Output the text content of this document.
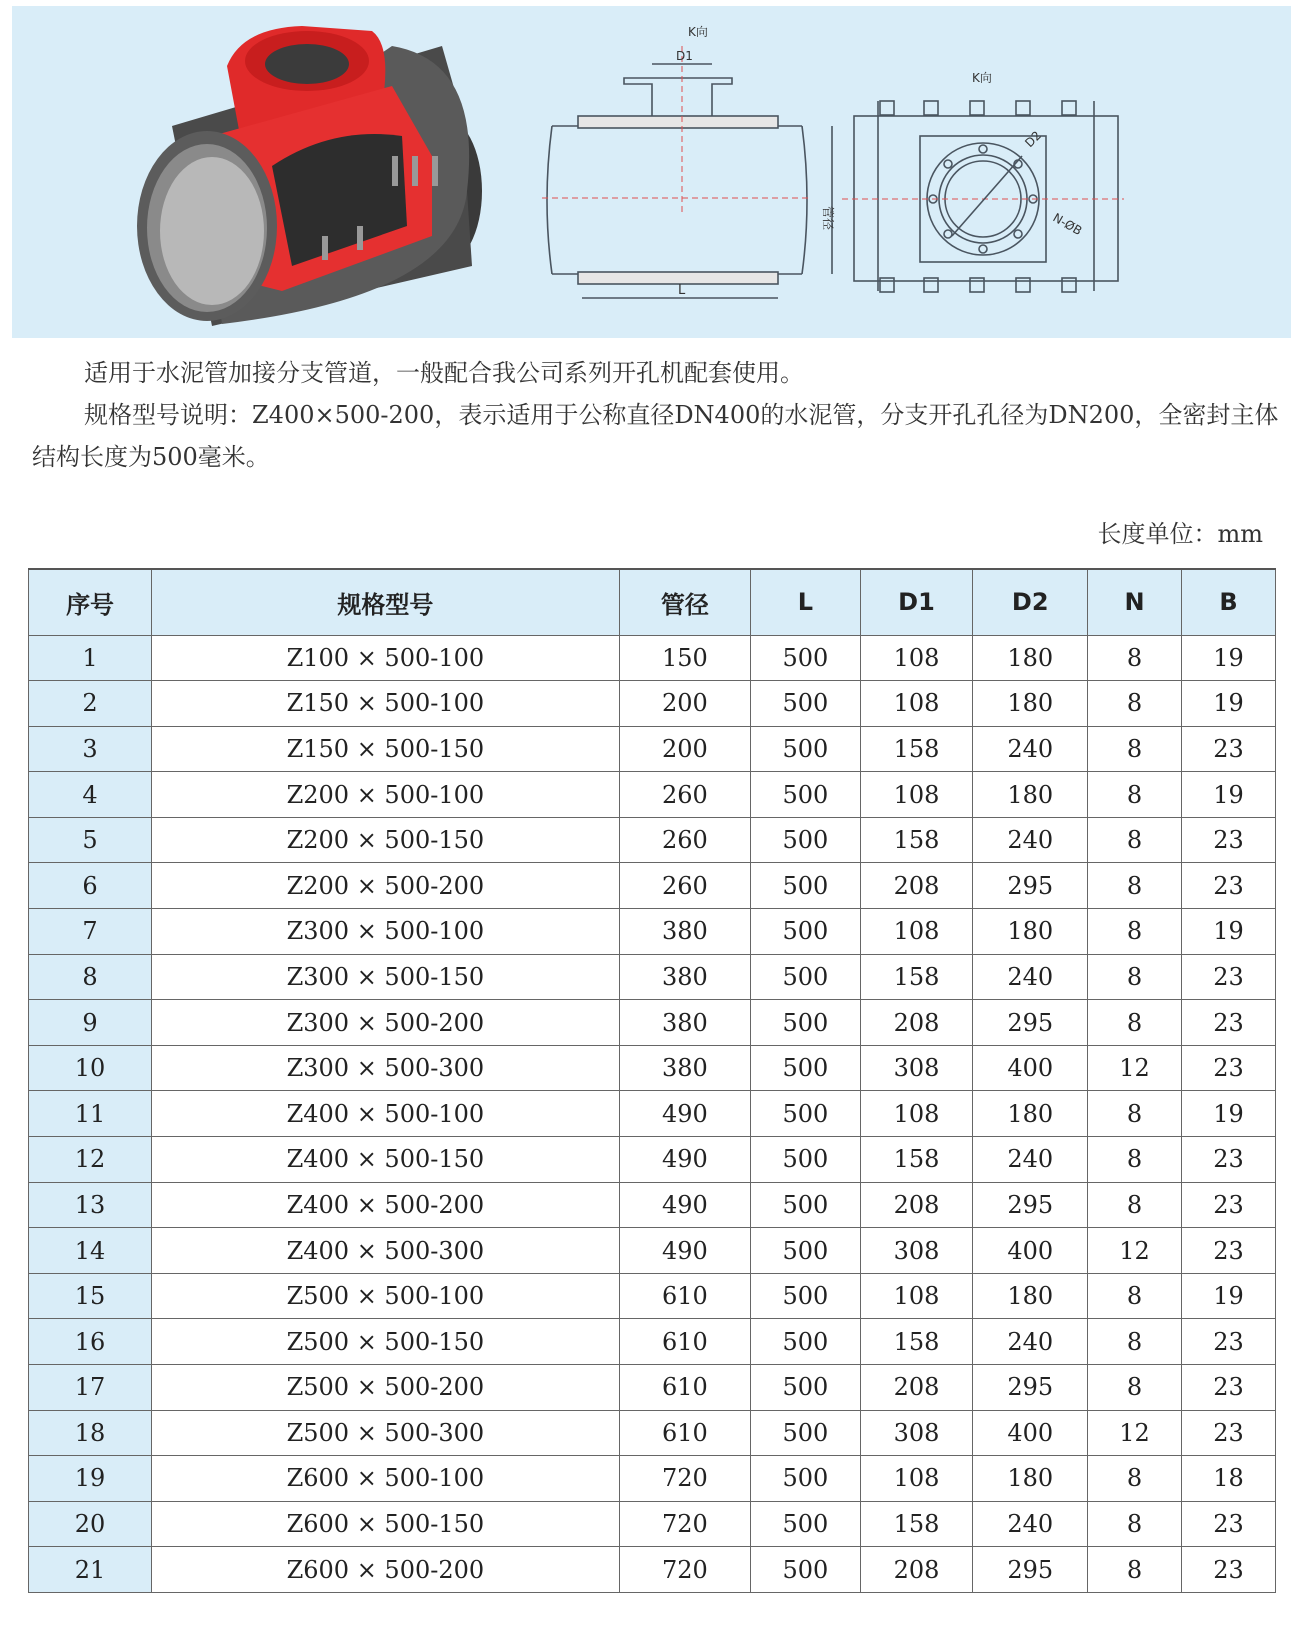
K向
D1
L
管径
K向
D2
N-ØB

适用于水泥管加接分支管道，一般配合我公司系列开孔机配套使用。

规格型号说明：Z400×500-200，表示适用于公称直径DN400的水泥管，分支开孔孔径为DN200，全密封主体结构长度为500毫米。

长度单位：mm
序号	规格型号	管径	L	D1	D2	N	B
1	Z100 × 500-100	150	500	108	180	8	19
2	Z150 × 500-100	200	500	108	180	8	19
3	Z150 × 500-150	200	500	158	240	8	23
4	Z200 × 500-100	260	500	108	180	8	19
5	Z200 × 500-150	260	500	158	240	8	23
6	Z200 × 500-200	260	500	208	295	8	23
7	Z300 × 500-100	380	500	108	180	8	19
8	Z300 × 500-150	380	500	158	240	8	23
9	Z300 × 500-200	380	500	208	295	8	23
10	Z300 × 500-300	380	500	308	400	12	23
11	Z400 × 500-100	490	500	108	180	8	19
12	Z400 × 500-150	490	500	158	240	8	23
13	Z400 × 500-200	490	500	208	295	8	23
14	Z400 × 500-300	490	500	308	400	12	23
15	Z500 × 500-100	610	500	108	180	8	19
16	Z500 × 500-150	610	500	158	240	8	23
17	Z500 × 500-200	610	500	208	295	8	23
18	Z500 × 500-300	610	500	308	400	12	23
19	Z600 × 500-100	720	500	108	180	8	18
20	Z600 × 500-150	720	500	158	240	8	23
21	Z600 × 500-200	720	500	208	295	8	23
